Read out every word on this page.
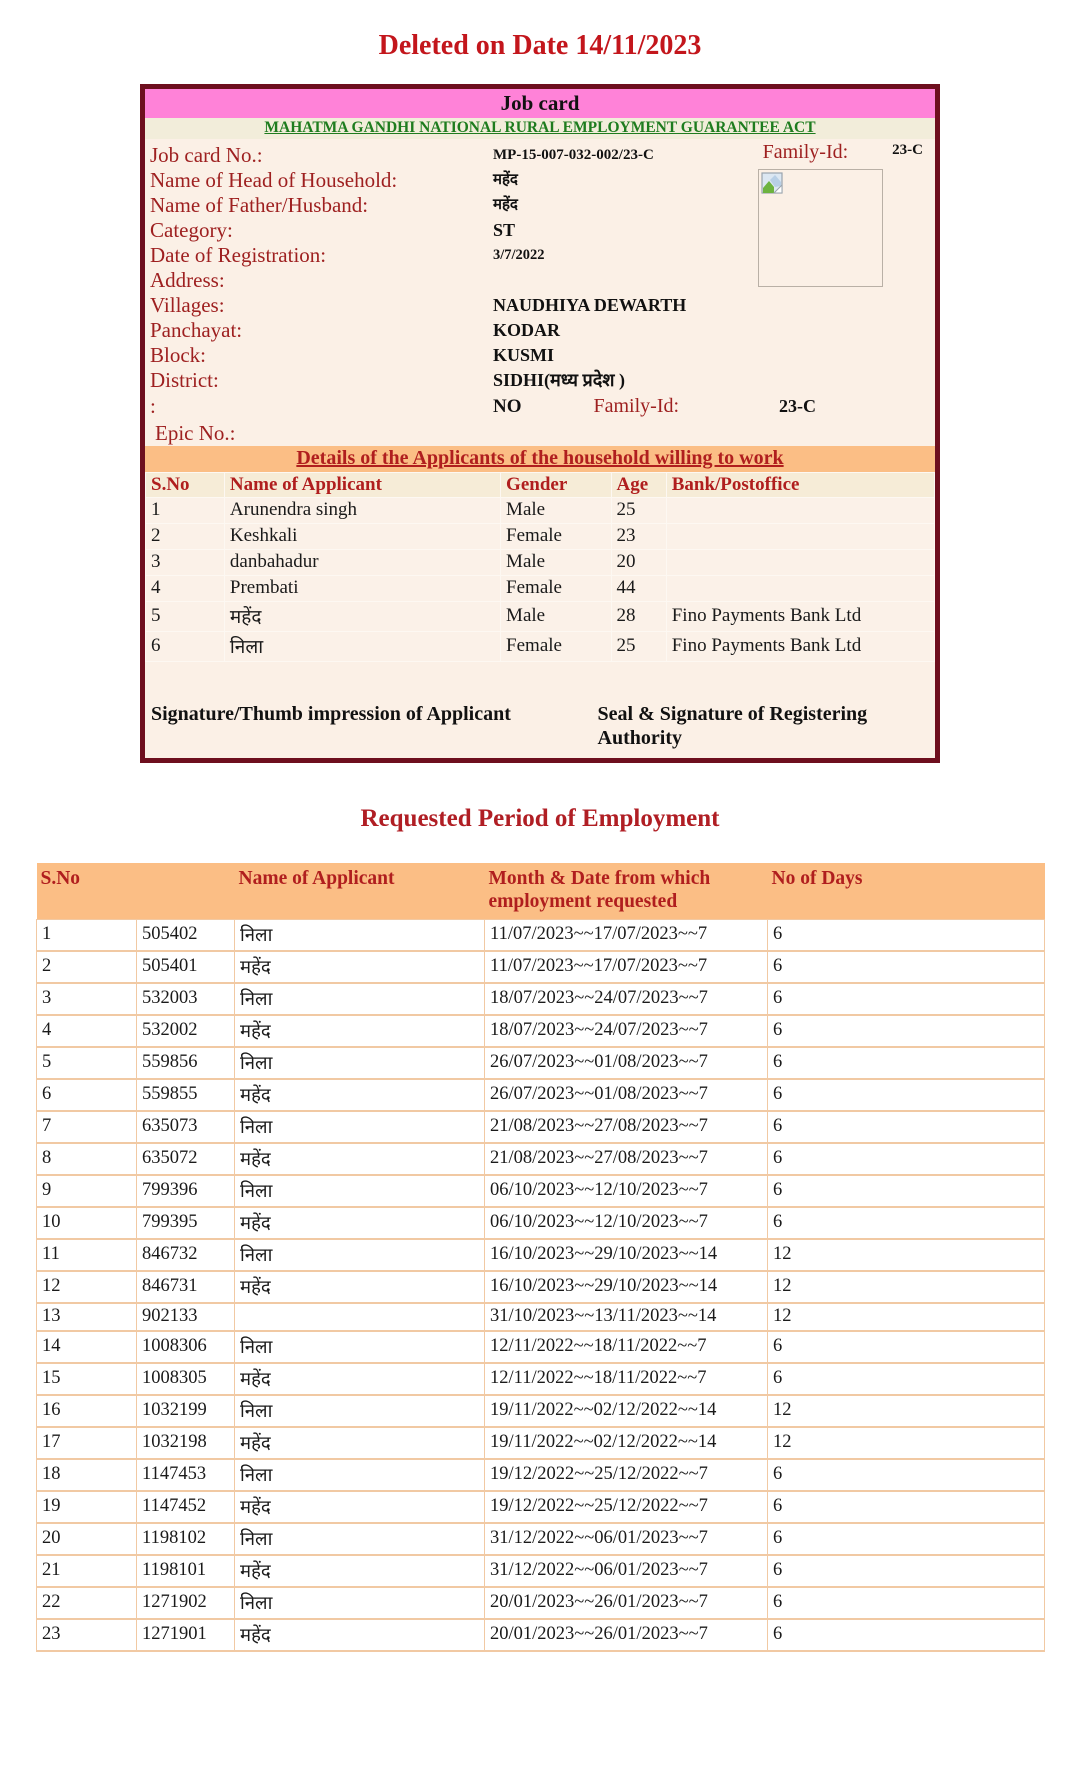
Deleted on Date 14/11/2023
Job card
MAHATMA GANDHI NATIONAL RURAL EMPLOYMENT GUARANTEE ACT
Job card No.:	MP-15-007-032-002/23-C
Name of Head of Household:	महेंद
Name of Father/Husband:	महेंद
Category:	ST
Date of Registration:	3/7/2022
Address:
Villages:	NAUDHIYA DEWARTH
Panchayat:	KODAR
Block:	KUSMI
District:	SIDHI(मध्य प्रदेश )
:	NO	Family-Id:	23-C
Epic No.:
Family-Id:	23-C
Details of the Applicants of the household willing to work
S.No	Name of Applicant	Gender	Age	Bank/Postoffice
1	Arunendra singh	Male	25	
2	Keshkali	Female	23	
3	danbahadur	Male	20	
4	Prembati	Female	44	
5	महेंद	Male	28	Fino Payments Bank Ltd
6	निला	Female	25	Fino Payments Bank Ltd
Signature/Thumb impression of Applicant	Seal & Signature of Registering Authority
Requested Period of Employment
S.No		Name of Applicant	Month & Date from which employment requested	No of Days
1	505402	निला	11/07/2023~~17/07/2023~~7	6
2	505401	महेंद	11/07/2023~~17/07/2023~~7	6
3	532003	निला	18/07/2023~~24/07/2023~~7	6
4	532002	महेंद	18/07/2023~~24/07/2023~~7	6
5	559856	निला	26/07/2023~~01/08/2023~~7	6
6	559855	महेंद	26/07/2023~~01/08/2023~~7	6
7	635073	निला	21/08/2023~~27/08/2023~~7	6
8	635072	महेंद	21/08/2023~~27/08/2023~~7	6
9	799396	निला	06/10/2023~~12/10/2023~~7	6
10	799395	महेंद	06/10/2023~~12/10/2023~~7	6
11	846732	निला	16/10/2023~~29/10/2023~~14	12
12	846731	महेंद	16/10/2023~~29/10/2023~~14	12
13	902133		31/10/2023~~13/11/2023~~14	12
14	1008306	निला	12/11/2022~~18/11/2022~~7	6
15	1008305	महेंद	12/11/2022~~18/11/2022~~7	6
16	1032199	निला	19/11/2022~~02/12/2022~~14	12
17	1032198	महेंद	19/11/2022~~02/12/2022~~14	12
18	1147453	निला	19/12/2022~~25/12/2022~~7	6
19	1147452	महेंद	19/12/2022~~25/12/2022~~7	6
20	1198102	निला	31/12/2022~~06/01/2023~~7	6
21	1198101	महेंद	31/12/2022~~06/01/2023~~7	6
22	1271902	निला	20/01/2023~~26/01/2023~~7	6
23	1271901	महेंद	20/01/2023~~26/01/2023~~7	6
